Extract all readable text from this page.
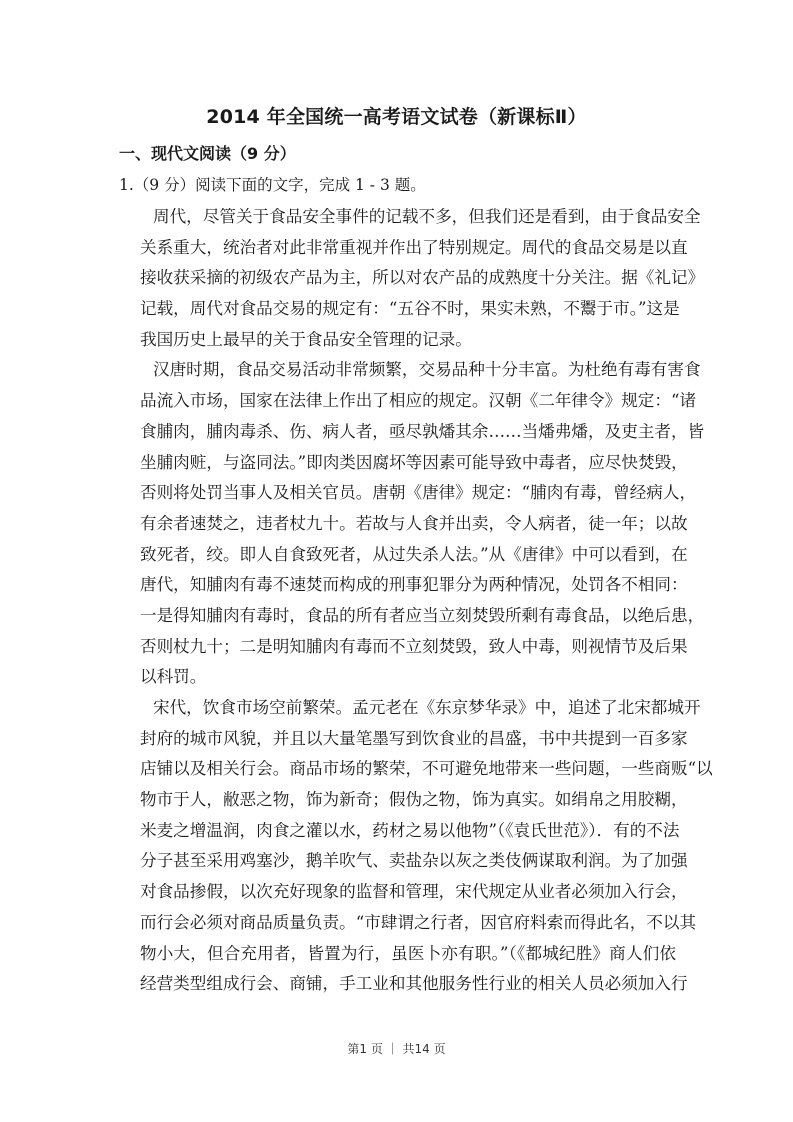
2014 年全国统一高考语文试卷（新课标Ⅱ）
一、现代文阅读（9 分）
1.（9 分）阅读下面的文字，完成 1 - 3 题。
周代，尽管关于食品安全事件的记载不多，但我们还是看到，由于食品安全
关系重大，统治者对此非常重视并作出了特别规定。周代的食品交易是以直
接收获采摘的初级农产品为主，所以对农产品的成熟度十分关注。据《礼记》
记载，周代对食品交易的规定有：“五谷不时，果实未熟，不鬻于市。”这是
我国历史上最早的关于食品安全管理的记录。
汉唐时期，食品交易活动非常频繁，交易品种十分丰富。为杜绝有毒有害食
品流入市场，国家在法律上作出了相应的规定。汉朝《二年律令》规定：“诸
食脯肉，脯肉毒杀、伤、病人者，亟尽孰燔其余……当燔弗燔，及吏主者，皆
坐脯肉赃，与盗同法。”即肉类因腐坏等因素可能导致中毒者，应尽快焚毁，
否则将处罚当事人及相关官员。唐朝《唐律》规定：“脯肉有毒，曾经病人，
有余者速焚之，违者杖九十。若故与人食并出卖，令人病者，徒一年；以故
致死者，绞。即人自食致死者，从过失杀人法。”从《唐律》中可以看到，在
唐代，知脯肉有毒不速焚而构成的刑事犯罪分为两种情况，处罚各不相同：
一是得知脯肉有毒时，食品的所有者应当立刻焚毁所剩有毒食品，以绝后患，
否则杖九十；二是明知脯肉有毒而不立刻焚毁，致人中毒，则视情节及后果
以科罚。
宋代，饮食市场空前繁荣。孟元老在《东京梦华录》中，追述了北宋都城开
封府的城市风貌，并且以大量笔墨写到饮食业的昌盛，书中共提到一百多家
店铺以及相关行会。商品市场的繁荣，不可避免地带来一些问题，一些商贩“以
物市于人，敝恶之物，饰为新奇；假伪之物，饰为真实。如绢帛之用胶糊，
米麦之增温润，肉食之灌以水，药材之易以他物”（《袁氏世范》）．有的不法
分子甚至采用鸡塞沙，鹅羊吹气、卖盐杂以灰之类伎俩谋取利润。为了加强
对食品掺假，以次充好现象的监督和管理，宋代规定从业者必须加入行会，
而行会必须对商品质量负责。“市肆谓之行者，因官府料索而得此名，不以其
物小大，但合充用者，皆置为行，虽医卜亦有职。”（《都城纪胜》商人们依
经营类型组成行会、商铺，手工业和其他服务性行业的相关人员必须加入行
第1 页 ｜ 共14 页
